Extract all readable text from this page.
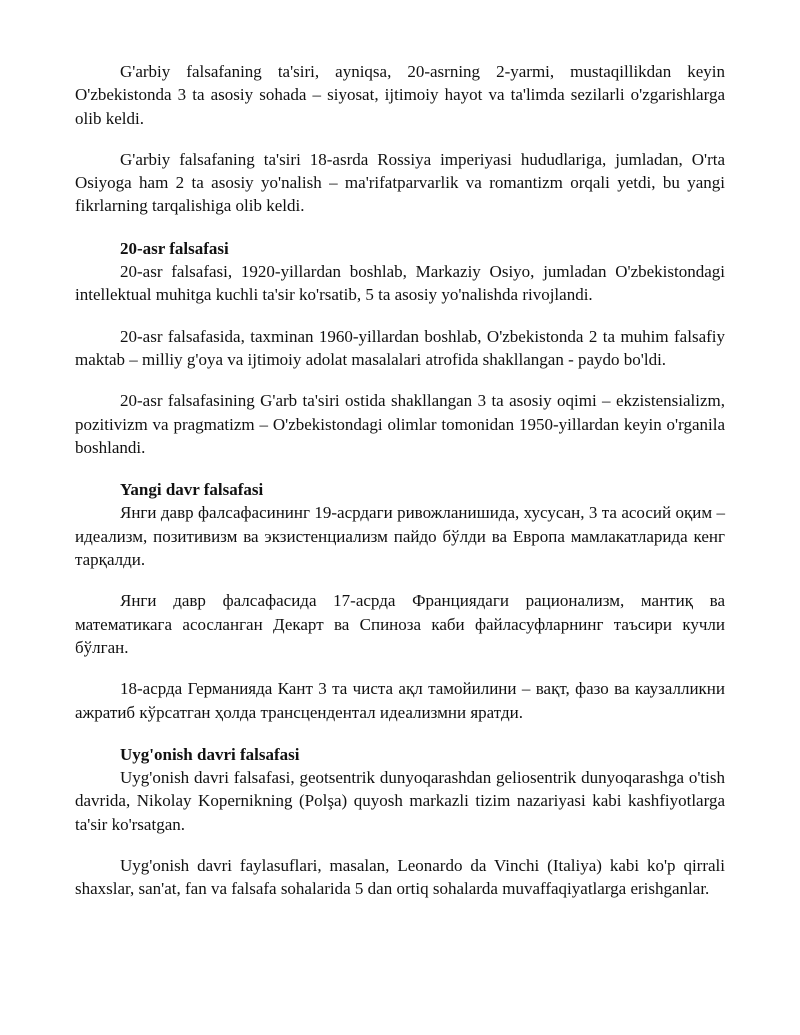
G'arbiy falsafaning ta'siri, ayniqsa, 20-asrning 2-yarmi, mustaqillikdan keyin O'zbekistonda 3 ta asosiy sohada – siyosat, ijtimoiy hayot va ta'limda sezilarli o'zgarishlarga olib keldi.

G'arbiy falsafaning ta'siri 18-asrda Rossiya imperiyasi hududlariga, jumladan, O'rta Osiyoga ham 2 ta asosiy yo'nalish – ma'rifatparvarlik va romantizm orqali yetdi, bu yangi fikrlarning tarqalishiga olib keldi.

20-asr falsafasi

20-asr falsafasi, 1920-yillardan boshlab, Markaziy Osiyo, jumladan O'zbekistondagi intellektual muhitga kuchli ta'sir ko'rsatib, 5 ta asosiy yo'nalishda rivojlandi.

20-asr falsafasida, taxminan 1960-yillardan boshlab, O'zbekistonda 2 ta muhim falsafiy maktab – milliy g'oya va ijtimoiy adolat masalalari atrofida shakllangan - paydo bo'ldi.

20-asr falsafasining G'arb ta'siri ostida shakllangan 3 ta asosiy oqimi – ekzistensializm, pozitivizm va pragmatizm – O'zbekistondagi olimlar tomonidan 1950-yillardan keyin o'rganila boshlandi.

Yangi davr falsafasi

Янги давр фалсафасининг 19-асрдаги ривожланишида, хусусан, 3 та асосий оқим – идеализм, позитивизм ва экзистенциализм пайдо бўлди ва Европа мамлакатларида кенг тарқалди.

Янги давр фалсафасида 17-асрда Франциядаги рационализм, мантиқ ва математикага асосланган Декарт ва Спиноза каби файласуфларнинг таъсири кучли бўлган.

18-асрда Германияда Кант 3 та чиста ақл тамойилини – вақт, фазо ва каузалликни ажратиб кўрсатган ҳолда трансцендентал идеализмни яратди.

Uyg'onish davri falsafasi

Uyg'onish davri falsafasi, geotsentrik dunyoqarashdan geliosentrik dunyoqarashga o'tish davrida, Nikolay Kopernikning (Polşa) quyosh markazli tizim nazariyasi kabi kashfiyotlarga ta'sir ko'rsatgan.

Uyg'onish davri faylasuflari, masalan, Leonardo da Vinchi (Italiya) kabi ko'p qirrali shaxslar, san'at, fan va falsafa sohalarida 5 dan ortiq sohalarda muvaffaqiyatlarga erishganlar.
